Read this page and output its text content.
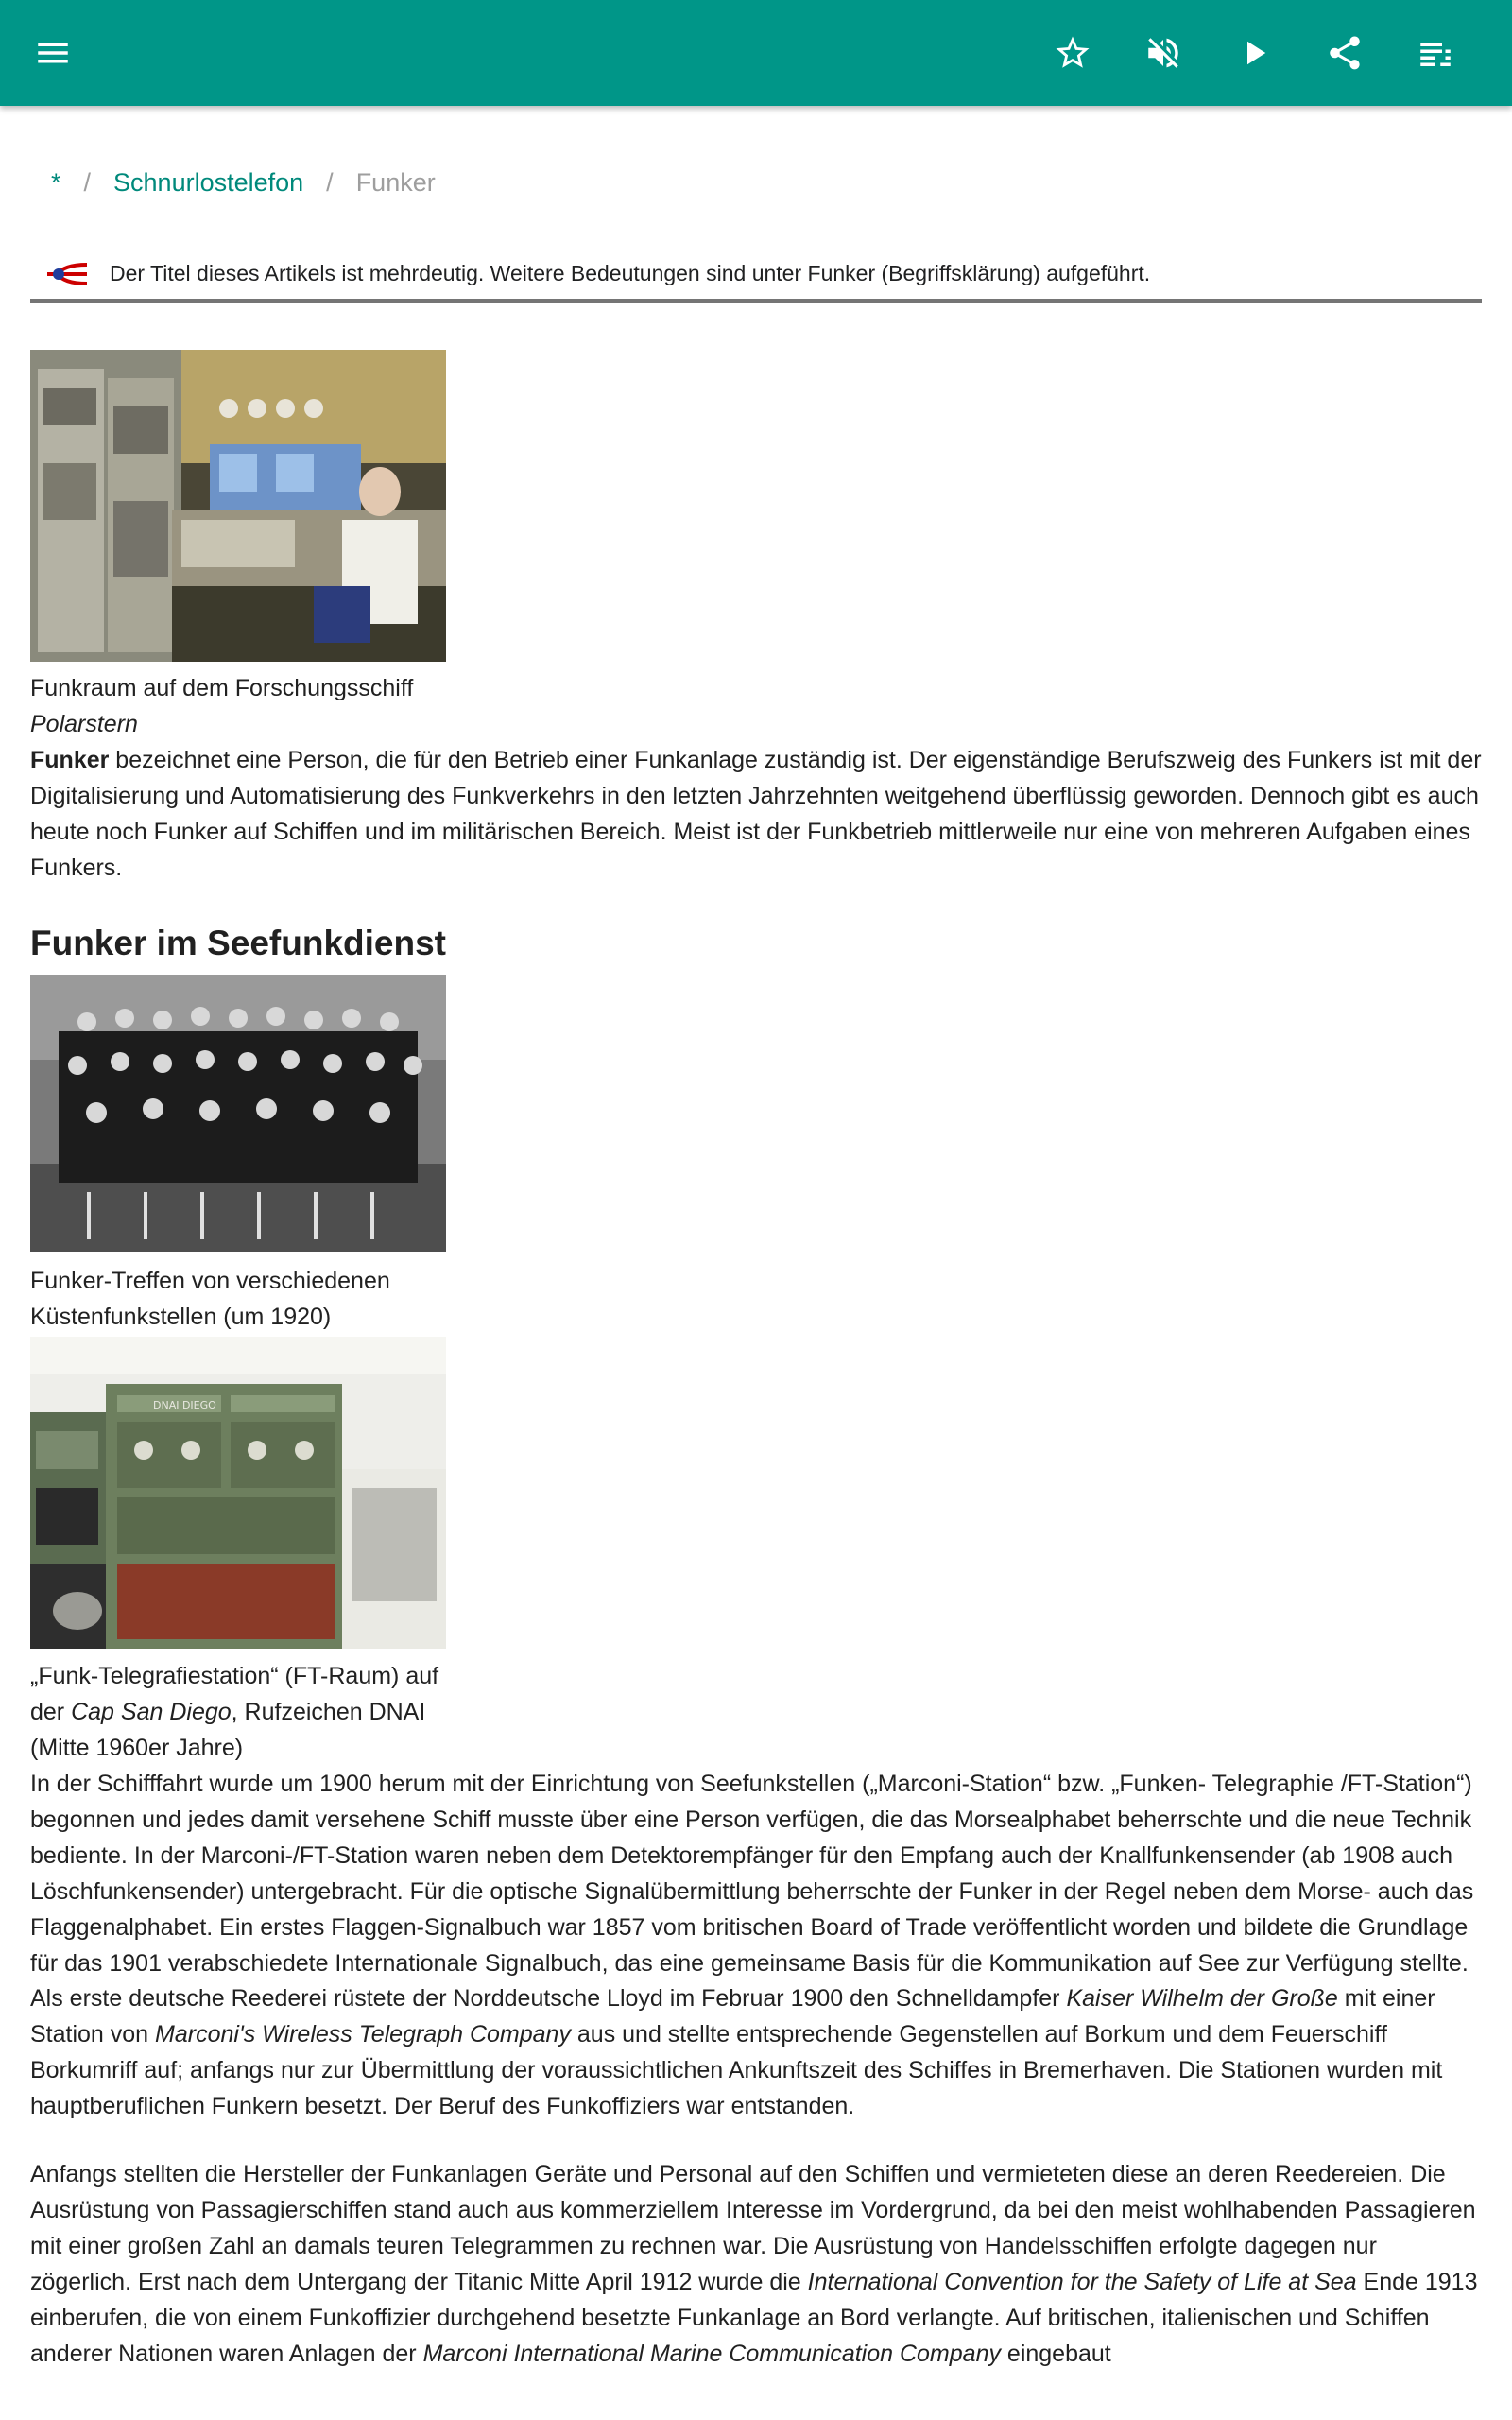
* / Schnurlostelefon / Funker
Der Titel dieses Artikels ist mehrdeutig. Weitere Bedeutungen sind unter Funker (Begriffsklärung) aufgeführt.
Funkraum auf dem Forschungsschiff
Polarstern

Funker bezeichnet eine Person, die für den Betrieb einer Funkanlage zuständig ist. Der eigenständige Berufszweig des Funkers ist mit der Digitalisierung und Automatisierung des Funkverkehrs in den letzten Jahrzehnten weitgehend überflüssig geworden. Dennoch gibt es auch heute noch Funker auf Schiffen und im militärischen Bereich. Meist ist der Funkbetrieb mittlerweile nur eine von mehreren Aufgaben eines Funkers.

Funker im Seefunkdienst
Funker-Treffen von verschiedenen
Küstenfunkstellen (um 1920)
DNAI DIEGO
„Funk-Telegrafiestation“ (FT-Raum) auf
der Cap San Diego, Rufzeichen DNAI
(Mitte 1960er Jahre)

In der Schifffahrt wurde um 1900 herum mit der Einrichtung von Seefunkstellen („Marconi-Station“ bzw. „Funken- Telegraphie /FT-Station“) begonnen und jedes damit versehene Schiff musste über eine Person verfügen, die das Morsealphabet beherrschte und die neue Technik bediente. In der Marconi-/FT-Station waren neben dem Detektorempfänger für den Empfang auch der Knallfunkensender (ab 1908 auch Löschfunkensender) untergebracht. Für die optische Signalübermittlung beherrschte der Funker in der Regel neben dem Morse- auch das Flaggenalphabet. Ein erstes Flaggen-Signalbuch war 1857 vom britischen Board of Trade veröffentlicht worden und bildete die Grundlage für das 1901 verabschiedete Internationale Signalbuch, das eine gemeinsame Basis für die Kommunikation auf See zur Verfügung stellte.

Als erste deutsche Reederei rüstete der Norddeutsche Lloyd im Februar 1900 den Schnelldampfer Kaiser Wilhelm der Große mit einer Station von Marconi's Wireless Telegraph Company aus und stellte entsprechende Gegenstellen auf Borkum und dem Feuerschiff Borkumriff auf; anfangs nur zur Übermittlung der voraussichtlichen Ankunftszeit des Schiffes in Bremerhaven. Die Stationen wurden mit hauptberuflichen Funkern besetzt. Der Beruf des Funkoffiziers war entstanden.

Anfangs stellten die Hersteller der Funkanlagen Geräte und Personal auf den Schiffen und vermieteten diese an deren Reedereien. Die Ausrüstung von Passagierschiffen stand auch aus kommerziellem Interesse im Vordergrund, da bei den meist wohlhabenden Passagieren mit einer großen Zahl an damals teuren Telegrammen zu rechnen war. Die Ausrüstung von Handelsschiffen erfolgte dagegen nur zögerlich. Erst nach dem Untergang der Titanic Mitte April 1912 wurde die International Convention for the Safety of Life at Sea Ende 1913 einberufen, die von einem Funkoffizier durchgehend besetzte Funkanlage an Bord verlangte. Auf britischen, italienischen und Schiffen anderer Nationen waren Anlagen der Marconi International Marine Communication Company eingebaut
